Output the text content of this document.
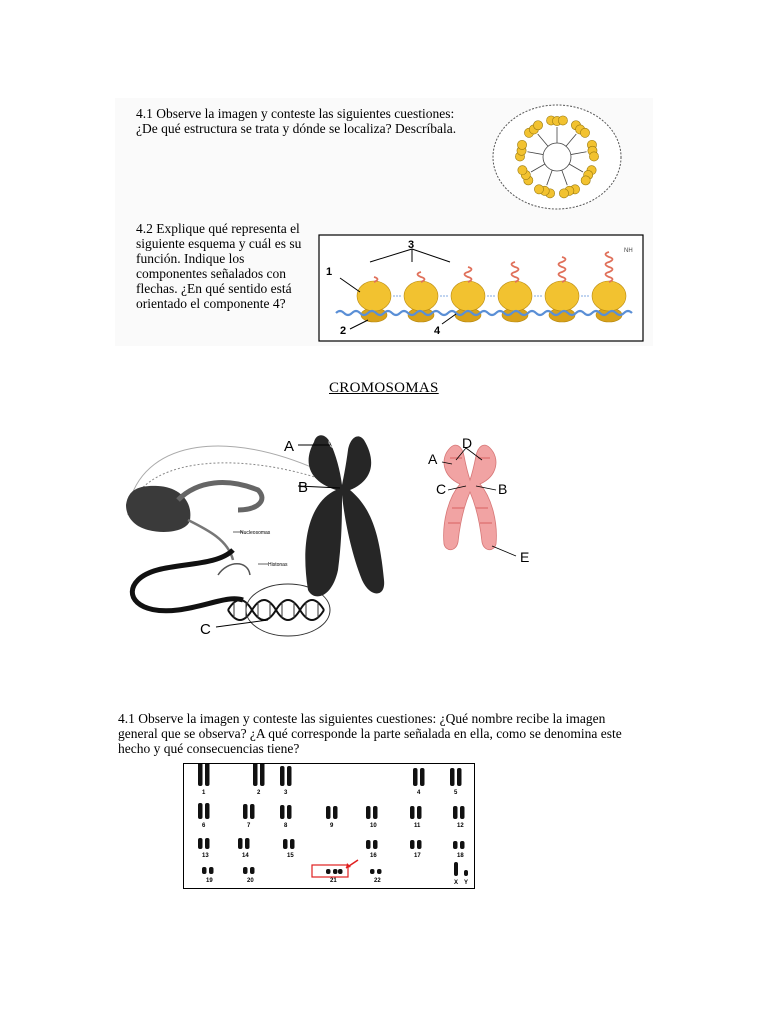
4.1 Observe la imagen y conteste las siguientes cuestiones:
¿De qué estructura se trata y dónde se localiza? Descríbala.
4.2 Explique qué representa el
siguiente esquema y cuál es su
función. Indique los
componentes señalados con
flechas. ¿En qué sentido está
orientado el componente 4?
1
2
3
4
NH
CROMOSOMAS
A
B
C
Nucleosomas
Histonas
D
A
C	B
E
4.1 Observe la imagen y conteste las siguientes cuestiones: ¿Qué nombre recibe la imagen
general que se observa? ¿A qué corresponde la parte señalada en ella, como se denomina este
hecho y qué consecuencias tiene?
1	2	3	4	5
6	7	8	9	10	11	12
13	14	15	16	17	18
19	20	21	22	X Y
